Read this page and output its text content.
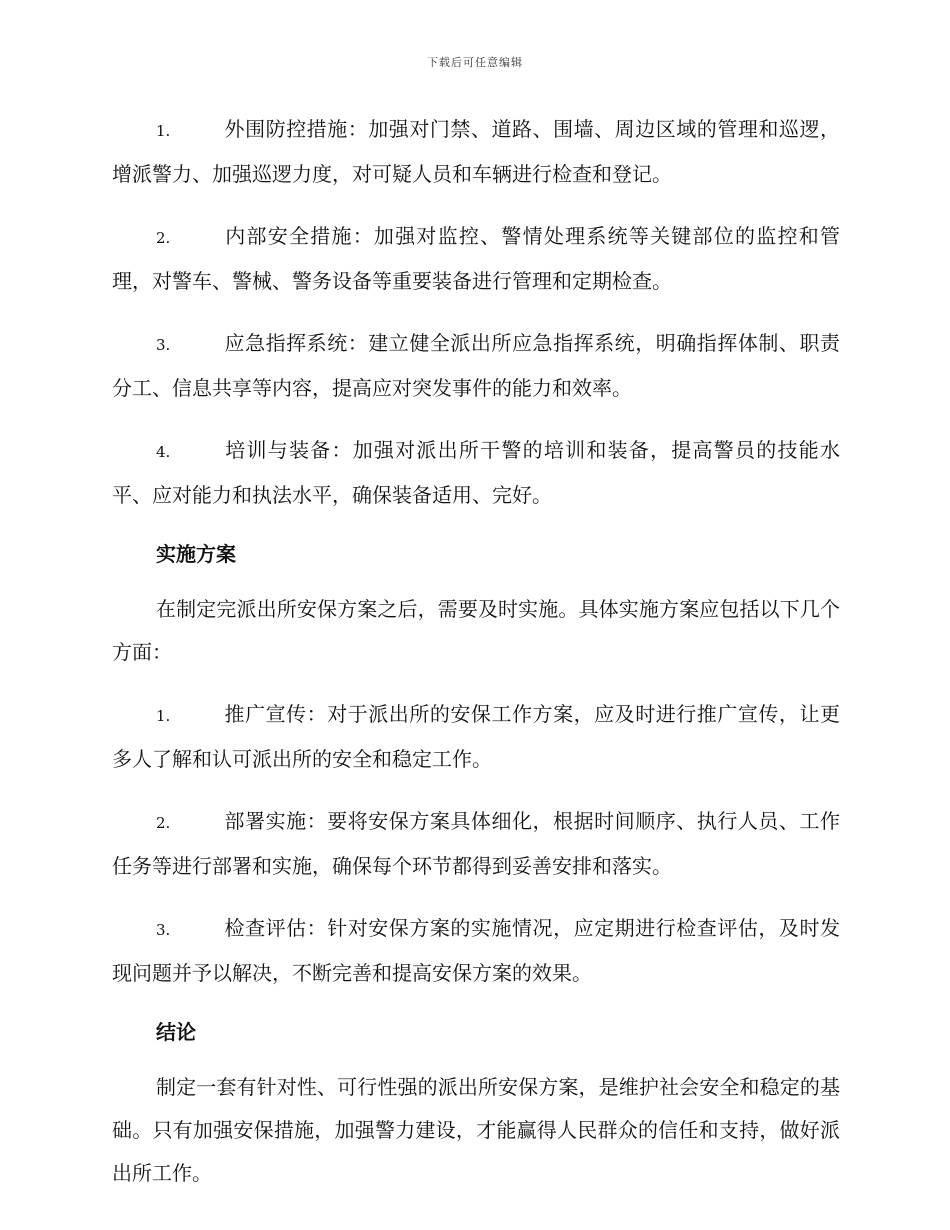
下载后可任意编辑
1.	外围防控措施：加强对门禁、道路、围墙、周边区域的管理和巡逻，增派警力、加强巡逻力度，对可疑人员和车辆进行检查和登记。
2.	内部安全措施：加强对监控、警情处理系统等关键部位的监控和管理，对警车、警械、警务设备等重要装备进行管理和定期检查。
3.	应急指挥系统：建立健全派出所应急指挥系统，明确指挥体制、职责分工、信息共享等内容，提高应对突发事件的能力和效率。
4.	培训与装备：加强对派出所干警的培训和装备，提高警员的技能水平、应对能力和执法水平，确保装备适用、完好。
实施方案
在制定完派出所安保方案之后，需要及时实施。具体实施方案应包括以下几个方面：
1.	推广宣传：对于派出所的安保工作方案，应及时进行推广宣传，让更多人了解和认可派出所的安全和稳定工作。
2.	部署实施：要将安保方案具体细化，根据时间顺序、执行人员、工作任务等进行部署和实施，确保每个环节都得到妥善安排和落实。
3.	检查评估：针对安保方案的实施情况，应定期进行检查评估，及时发现问题并予以解决，不断完善和提高安保方案的效果。
结论
制定一套有针对性、可行性强的派出所安保方案，是维护社会安全和稳定的基础。只有加强安保措施，加强警力建设，才能赢得人民群众的信任和支持，做好派出所工作。
